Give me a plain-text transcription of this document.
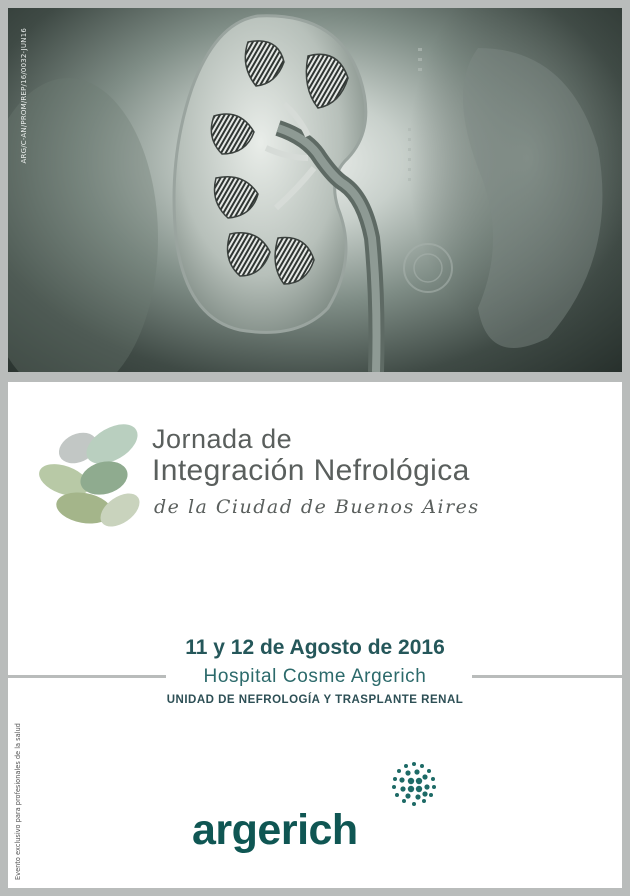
ARG/C-AN/PROM/REP/16/0032-JUN16
Jornada de
Integración Nefrológica
de la Ciudad de Buenos Aires
11 y 12 de Agosto de 2016
Hospital Cosme Argerich
UNIDAD DE NEFROLOGÍA Y TRASPLANTE RENAL
Evento exclusivo para profesionales de la salud	argerich
